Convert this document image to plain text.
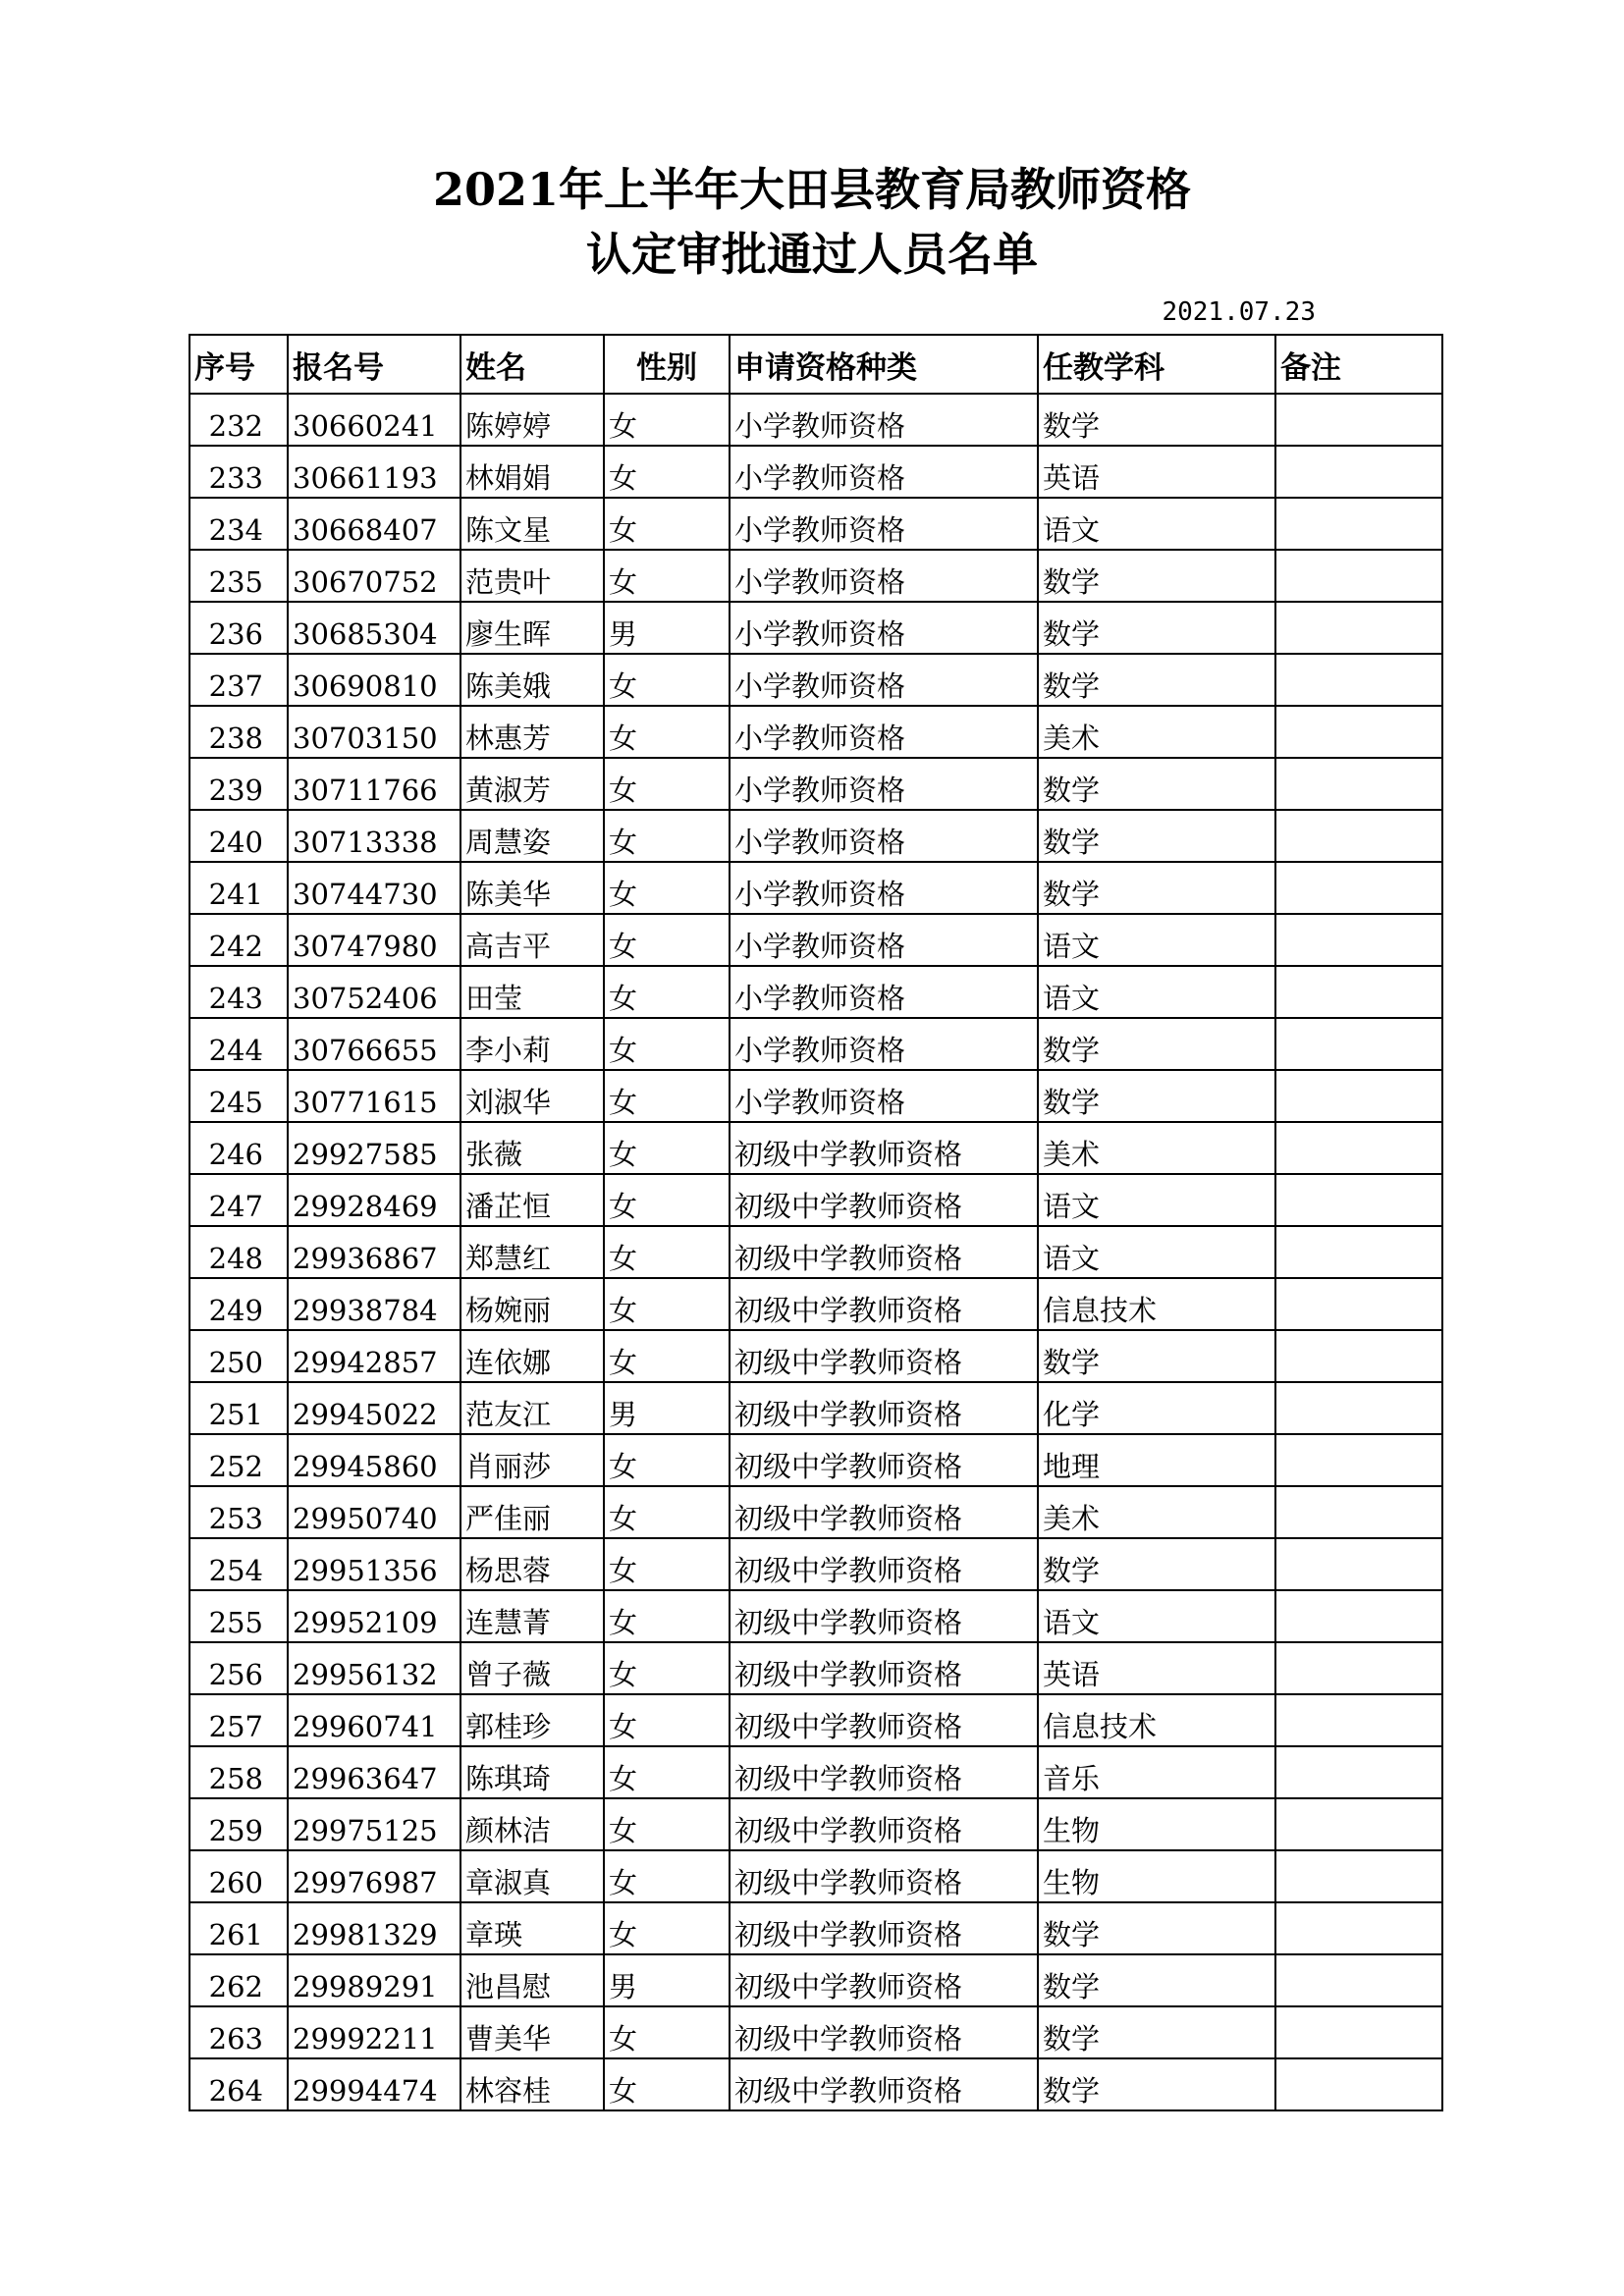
2021年上半年大田县教育局教师资格
认定审批通过人员名单
2021.07.23
序号	报名号	姓名	性别	申请资格种类	任教学科	备注
232	30660241	陈婷婷	女	小学教师资格	数学	
233	30661193	林娟娟	女	小学教师资格	英语	
234	30668407	陈文星	女	小学教师资格	语文	
235	30670752	范贵叶	女	小学教师资格	数学	
236	30685304	廖生晖	男	小学教师资格	数学	
237	30690810	陈美娥	女	小学教师资格	数学	
238	30703150	林惠芳	女	小学教师资格	美术	
239	30711766	黄淑芳	女	小学教师资格	数学	
240	30713338	周慧姿	女	小学教师资格	数学	
241	30744730	陈美华	女	小学教师资格	数学	
242	30747980	高吉平	女	小学教师资格	语文	
243	30752406	田莹	女	小学教师资格	语文	
244	30766655	李小莉	女	小学教师资格	数学	
245	30771615	刘淑华	女	小学教师资格	数学	
246	29927585	张薇	女	初级中学教师资格	美术	
247	29928469	潘芷恒	女	初级中学教师资格	语文	
248	29936867	郑慧红	女	初级中学教师资格	语文	
249	29938784	杨婉丽	女	初级中学教师资格	信息技术	
250	29942857	连依娜	女	初级中学教师资格	数学	
251	29945022	范友江	男	初级中学教师资格	化学	
252	29945860	肖丽莎	女	初级中学教师资格	地理	
253	29950740	严佳丽	女	初级中学教师资格	美术	
254	29951356	杨思蓉	女	初级中学教师资格	数学	
255	29952109	连慧菁	女	初级中学教师资格	语文	
256	29956132	曾子薇	女	初级中学教师资格	英语	
257	29960741	郭桂珍	女	初级中学教师资格	信息技术	
258	29963647	陈琪琦	女	初级中学教师资格	音乐	
259	29975125	颜林洁	女	初级中学教师资格	生物	
260	29976987	章淑真	女	初级中学教师资格	生物	
261	29981329	章瑛	女	初级中学教师资格	数学	
262	29989291	池昌慰	男	初级中学教师资格	数学	
263	29992211	曹美华	女	初级中学教师资格	数学	
264	29994474	林容桂	女	初级中学教师资格	数学	
